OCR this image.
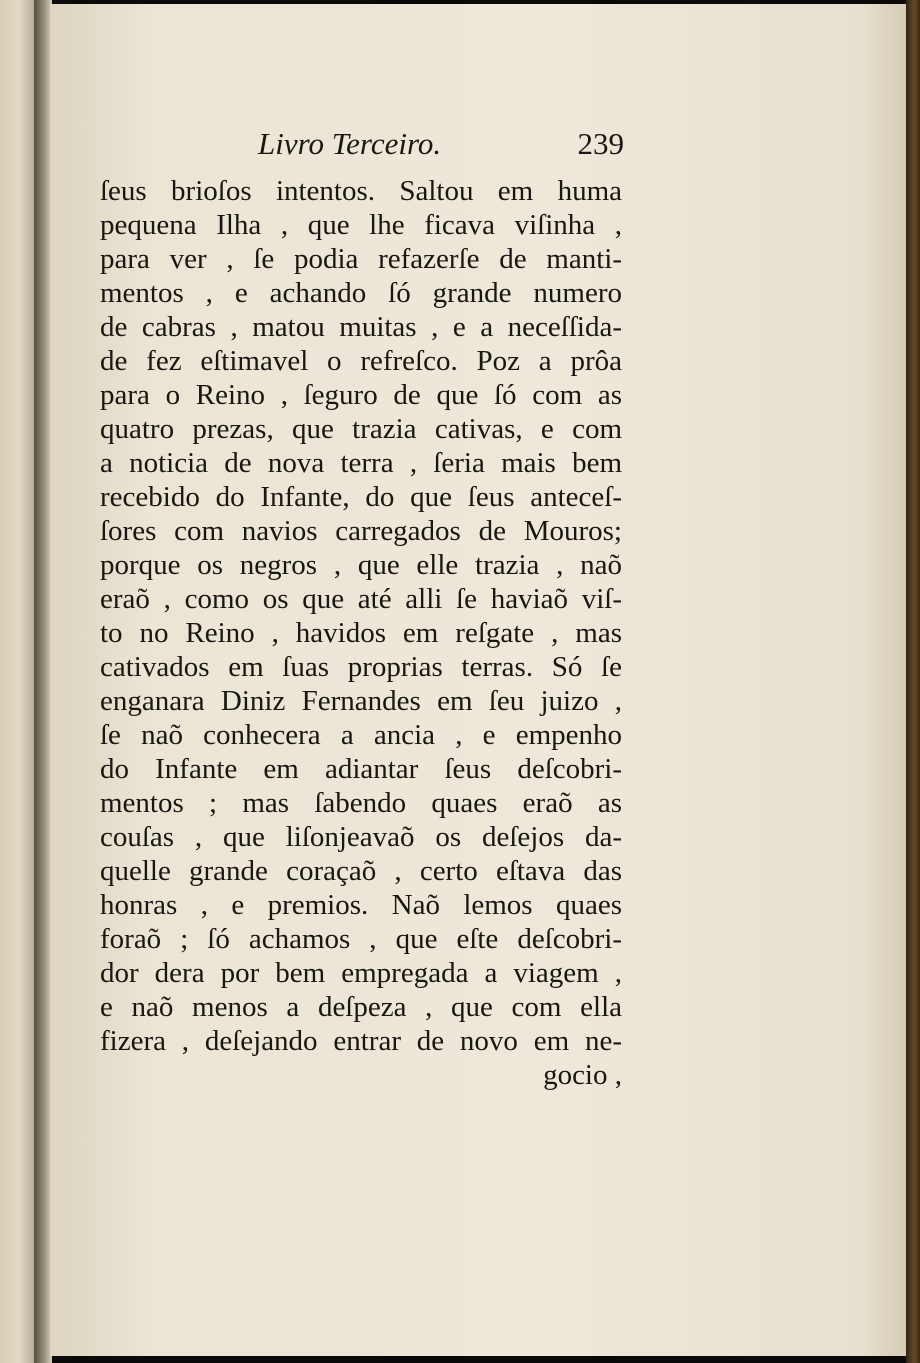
Livro Terceiro.	239
ſeus brioſos intentos. Saltou em huma
pequena Ilha , que lhe ficava viſinha ,
para ver , ſe podia refazerſe de manti-
mentos , e achando ſó grande numero
de cabras , matou muitas , e a neceſſida-
de fez eſtimavel o refreſco. Poz a prôa
para o Reino , ſeguro de que ſó com as
quatro prezas, que trazia cativas, e com
a noticia de nova terra , ſeria mais bem
recebido do Infante, do que ſeus anteceſ-
ſores com navios carregados de Mouros;
porque os negros , que elle trazia , naõ
eraõ , como os que até alli ſe haviaõ viſ-
to no Reino , havidos em reſgate , mas
cativados em ſuas proprias terras. Só ſe
enganara Diniz Fernandes em ſeu juizo ,
ſe naõ conhecera a ancia , e empenho
do Infante em adiantar ſeus deſcobri-
mentos ; mas ſabendo quaes eraõ as
couſas , que liſonjeavaõ os deſejos da-
quelle grande coraçaõ , certo eſtava das
honras , e premios. Naõ lemos quaes
foraõ ; ſó achamos , que eſte deſcobri-
dor dera por bem empregada a viagem ,
e naõ menos a deſpeza , que com ella
fizera , deſejando entrar de novo em ne-
gocio ,
